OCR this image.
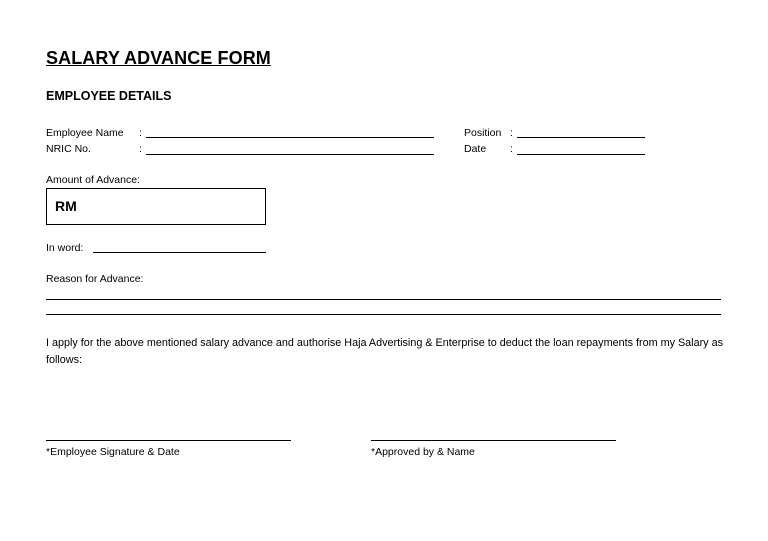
SALARY ADVANCE FORM
EMPLOYEE DETAILS
Employee Name :
NRIC No.	:
Position :
Date :
Amount of Advance:
RM
In word:
Reason for Advance:
I apply for the above mentioned salary advance and authorise Haja Advertising & Enterprise to deduct the loan repayments from my Salary as follows:
*Employee Signature & Date	*Approved by & Name
